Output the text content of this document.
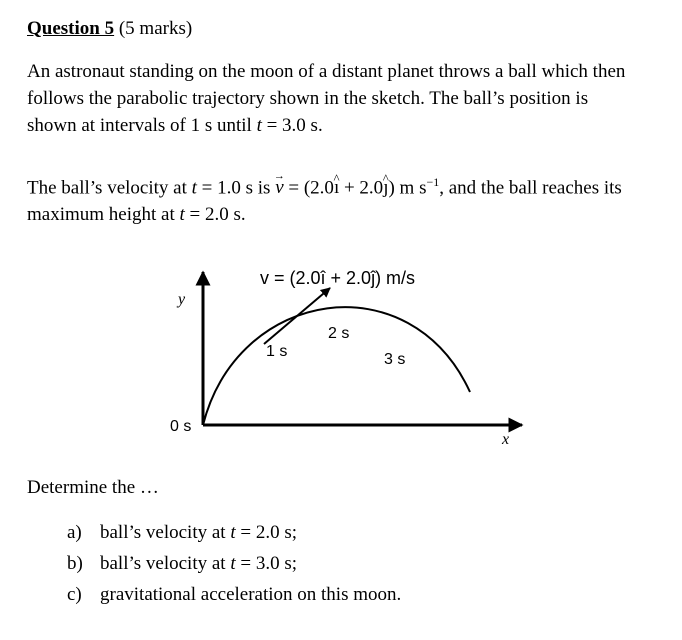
Question 5 (5 marks)
An astronaut standing on the moon of a distant planet throws a ball which then
follows the parabolic trajectory shown in the sketch. The ball’s position is
shown at intervals of 1 s until t = 3.0 s.
The ball’s velocity at t = 1.0 s is → v = (2.0^ ı + 2.0^ ȷ) m $s^{-1}$, and the ball reaches its
maximum height at t = 2.0 s.
v = (2.0î + 2.0ĵ) m/s
y
x
0 s
1 s
2 s
3 s
Determine the …
a) ball’s velocity at t = 2.0 s;
b) ball’s velocity at t = 3.0 s;
c) gravitational acceleration on this moon.
